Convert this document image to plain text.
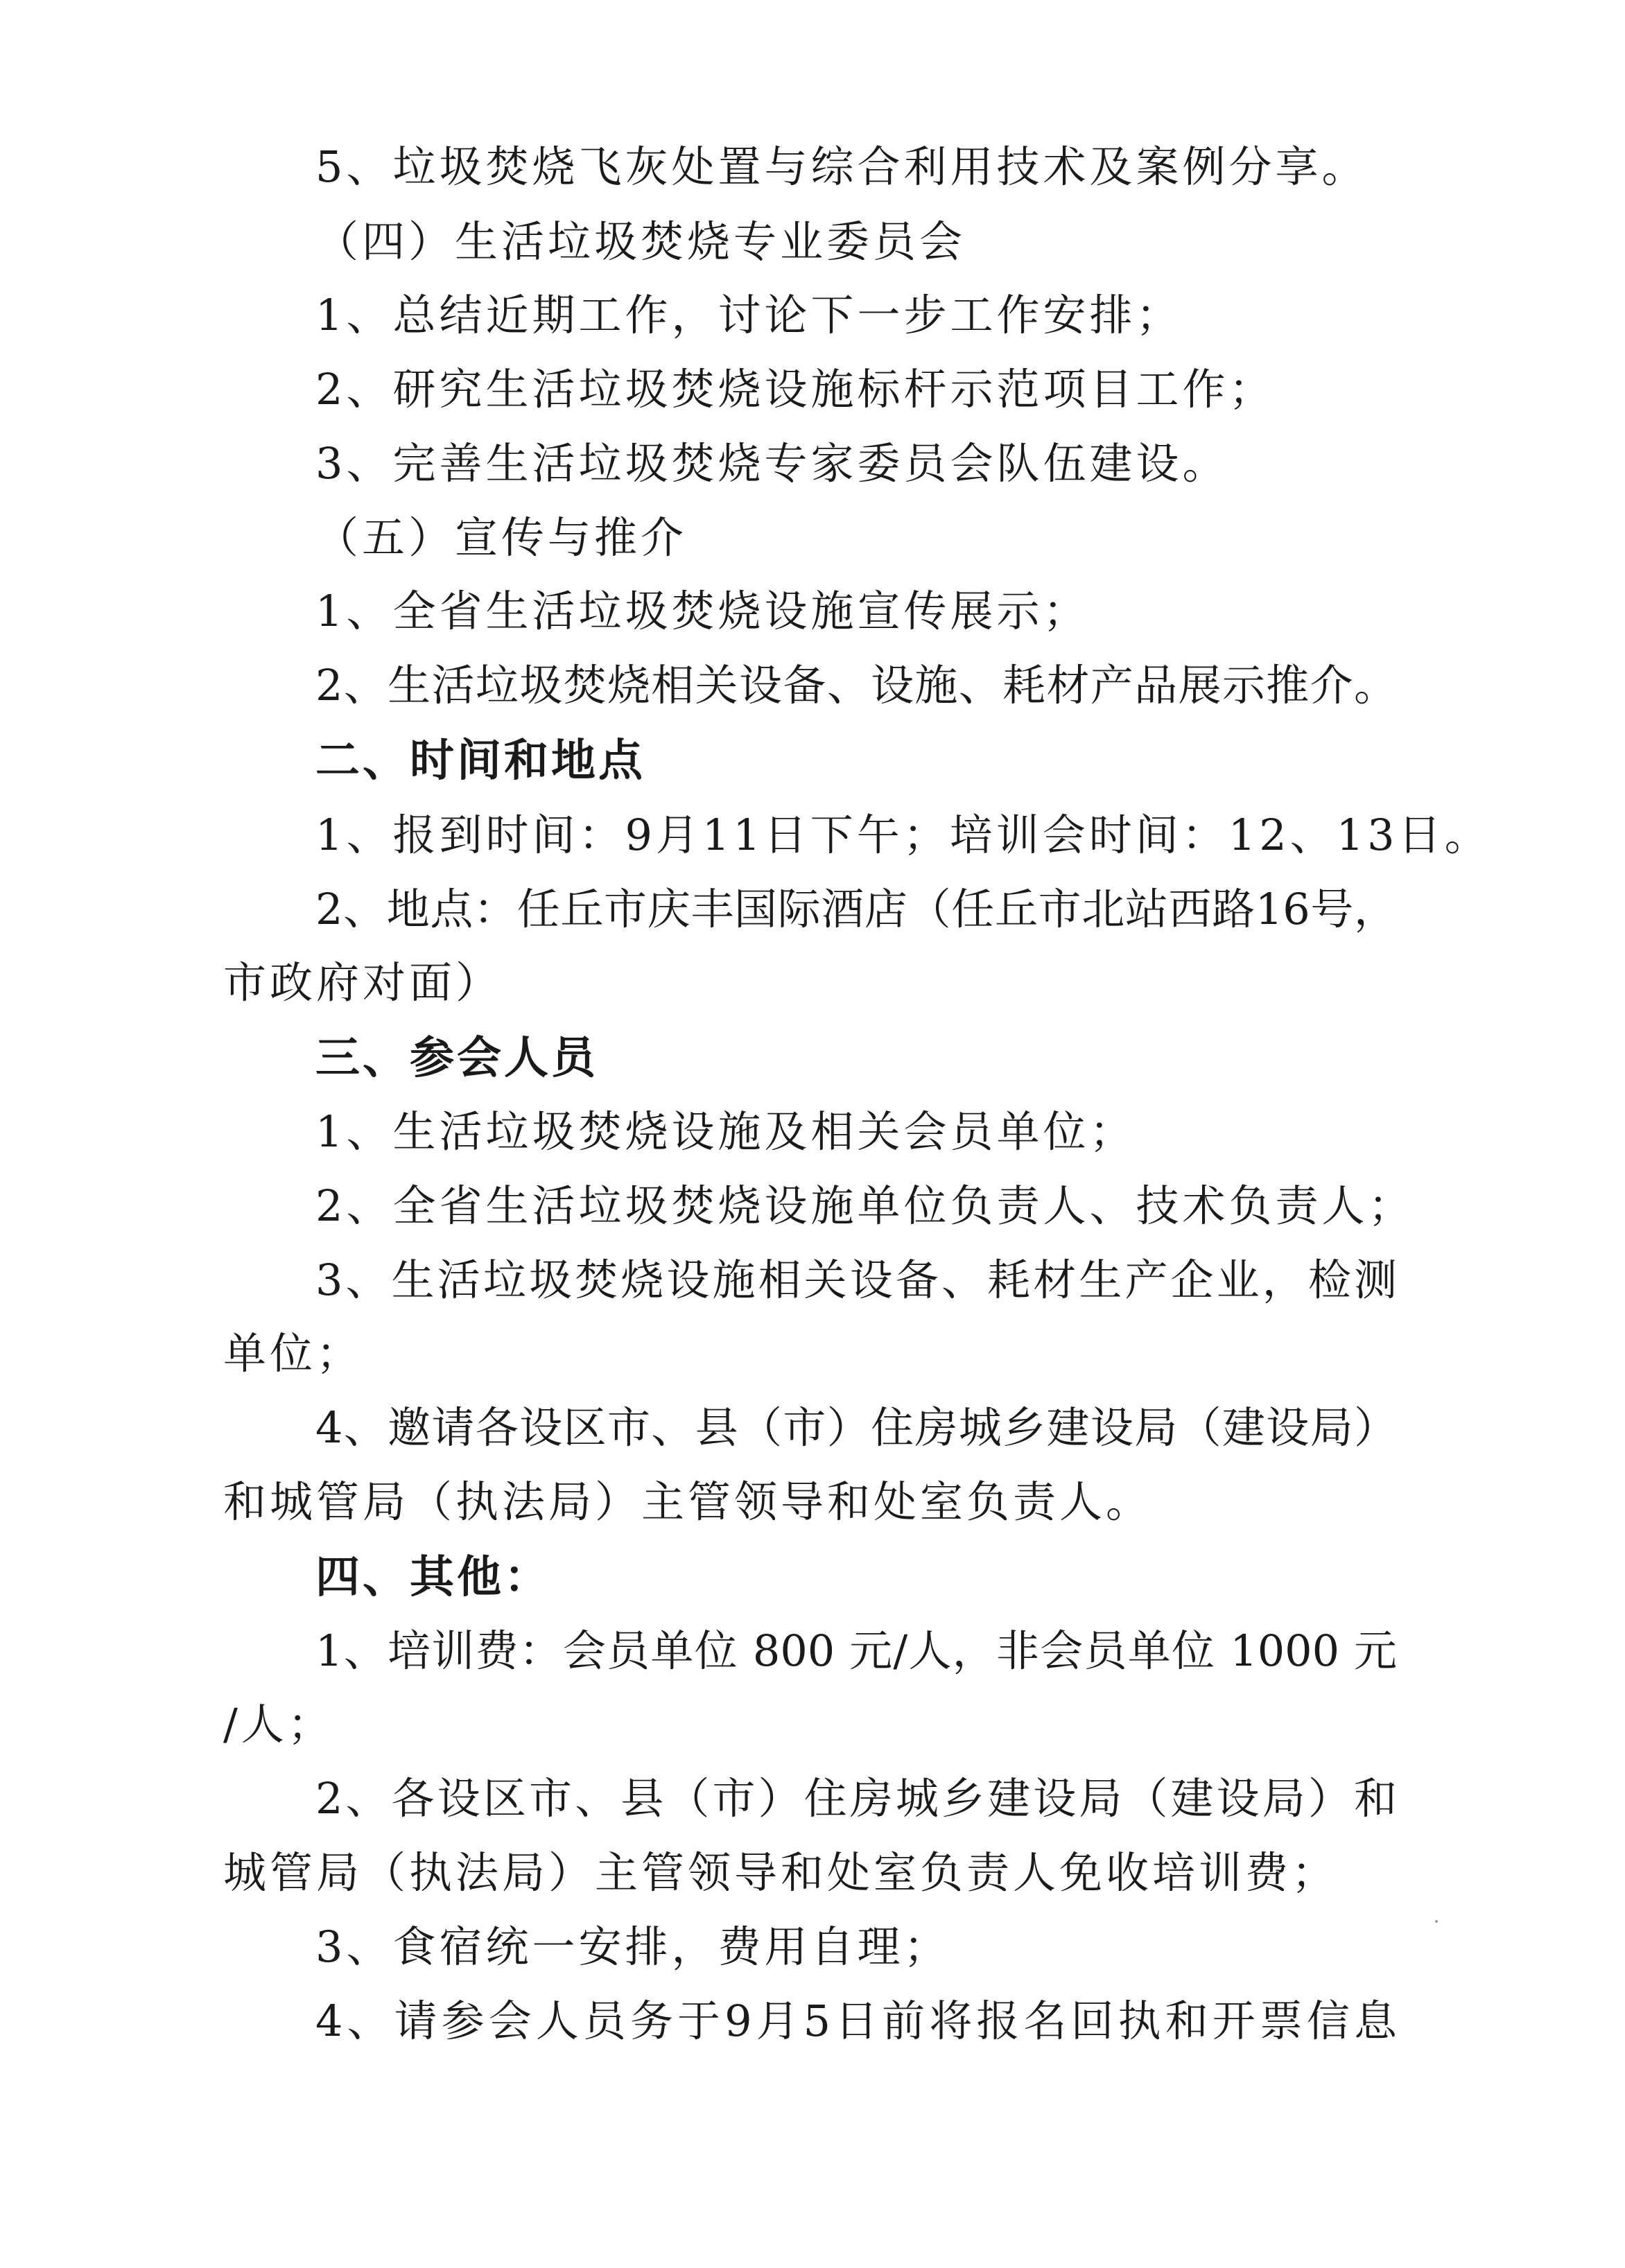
5、垃圾焚烧飞灰处置与综合利用技术及案例分享。
（四）生活垃圾焚烧专业委员会
1、总结近期工作，讨论下一步工作安排；
2、研究生活垃圾焚烧设施标杆示范项目工作；
3、完善生活垃圾焚烧专家委员会队伍建设。
（五）宣传与推介
1、全省生活垃圾焚烧设施宣传展示；
2、生活垃圾焚烧相关设备、设施、耗材产品展示推介。
二、时间和地点
1、报到时间：9月11日下午；培训会时间：12、13日。
2、地点：任丘市庆丰国际酒店（任丘市北站西路16号，
市政府对面）
三、参会人员
1、生活垃圾焚烧设施及相关会员单位；
2、全省生活垃圾焚烧设施单位负责人、技术负责人；
3、生活垃圾焚烧设施相关设备、耗材生产企业，检测
单位；
4、邀请各设区市、县（市）住房城乡建设局（建设局）
和城管局（执法局）主管领导和处室负责人。
四、其他：
1、培训费：会员单位 800 元/人，非会员单位 1000 元
/人；
2、各设区市、县（市）住房城乡建设局（建设局）和
城管局（执法局）主管领导和处室负责人免收培训费；
3、食宿统一安排，费用自理；
4、请参会人员务于9月5日前将报名回执和开票信息
